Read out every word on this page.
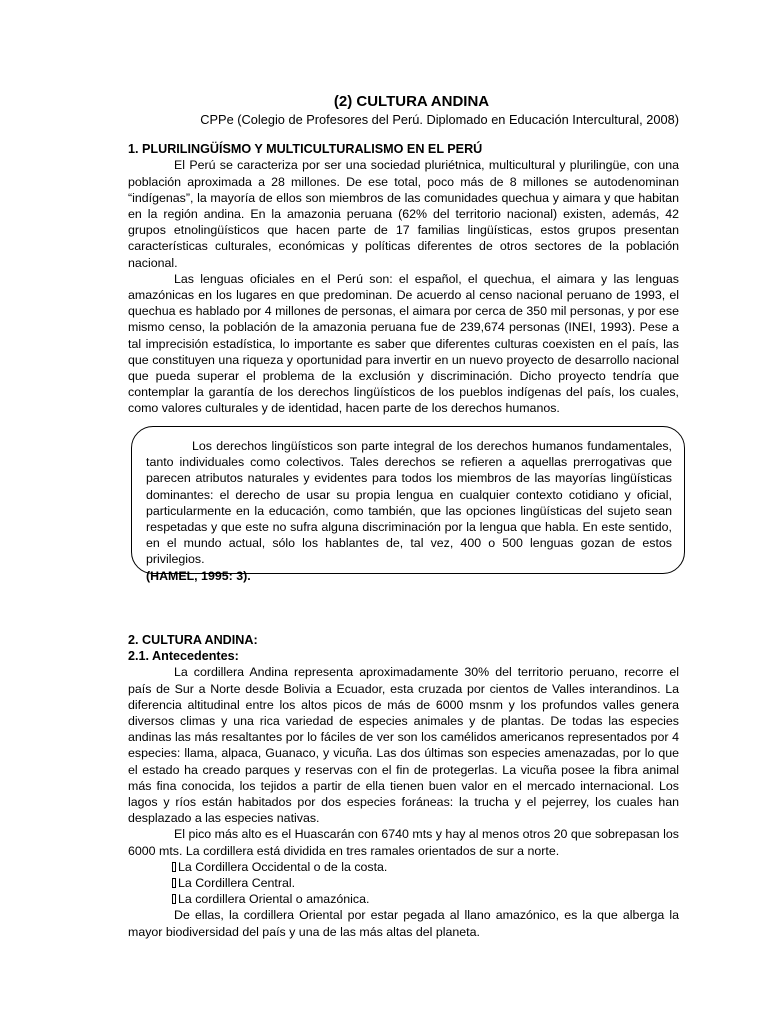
(2) CULTURA ANDINA
CPPe (Colegio de Profesores del Perú. Diplomado en Educación Intercultural, 2008)
1. PLURILINGÜÍSMO Y MULTICULTURALISMO EN EL PERÚ

El Perú se caracteriza por ser una sociedad pluriétnica, multicultural y plurilingüe, con una población aproximada a 28 millones. De ese total, poco más de 8 millones se autodenominan “indígenas”, la mayoría de ellos son miembros de las comunidades quechua y aimara y que habitan en la región andina. En la amazonia peruana (62% del territorio nacional) existen, además, 42 grupos etnolingüísticos que hacen parte de 17 familias lingüísticas, estos grupos presentan características culturales, económicas y políticas diferentes de otros sectores de la población nacional.

Las lenguas oficiales en el Perú son: el español, el quechua, el aimara y las lenguas amazónicas en los lugares en que predominan. De acuerdo al censo nacional peruano de 1993, el quechua es hablado por 4 millones de personas, el aimara por cerca de 350 mil personas, y por ese mismo censo, la población de la amazonia peruana fue de 239,674 personas (INEI, 1993). Pese a tal imprecisión estadística, lo importante es saber que diferentes culturas coexisten en el país, las que constituyen una riqueza y oportunidad para invertir en un nuevo proyecto de desarrollo nacional que pueda superar el problema de la exclusión y discriminación. Dicho proyecto tendría que contemplar la garantía de los derechos lingüísticos de los pueblos indígenas del país, los cuales, como valores culturales y de identidad, hacen parte de los derechos humanos.

Los derechos lingüísticos son parte integral de los derechos humanos fundamentales, tanto individuales como colectivos. Tales derechos se refieren a aquellas prerrogativas que parecen atributos naturales y evidentes para todos los miembros de las mayorías lingüísticas dominantes: el derecho de usar su propia lengua en cualquier contexto cotidiano y oficial, particularmente en la educación, como también, que las opciones lingüísticas del sujeto sean respetadas y que este no sufra alguna discriminación por la lengua que habla. En este sentido, en el mundo actual, sólo los hablantes de, tal vez, 400 o 500 lenguas gozan de estos privilegios.

(HAMEL, 1995: 3).
2. CULTURA ANDINA:
2.1. Antecedentes:

La cordillera Andina representa aproximadamente 30% del territorio peruano, recorre el país de Sur a Norte desde Bolivia a Ecuador, esta cruzada por cientos de Valles interandinos. La diferencia altitudinal entre los altos picos de más de 6000 msnm y los profundos valles genera diversos climas y una rica variedad de especies animales y de plantas. De todas las especies andinas las más resaltantes por lo fáciles de ver son los camélidos americanos representados por 4 especies: llama, alpaca, Guanaco, y vicuña. Las dos últimas son especies amenazadas, por lo que el estado ha creado parques y reservas con el fin de protegerlas. La vicuña posee la fibra animal más fina conocida, los tejidos a partir de ella tienen buen valor en el mercado internacional. Los lagos y ríos están habitados por dos especies foráneas: la trucha y el pejerrey, los cuales han desplazado a las especies nativas.

El pico más alto es el Huascarán con 6740 mts y hay al menos otros 20 que sobrepasan los 6000 mts. La cordillera está dividida en tres ramales orientados de sur a norte.

La Cordillera Occidental o de la costa.
La Cordillera Central.
La cordillera Oriental o amazónica.

De ellas, la cordillera Oriental por estar pegada al llano amazónico, es la que alberga la mayor biodiversidad del país y una de las más altas del planeta.
